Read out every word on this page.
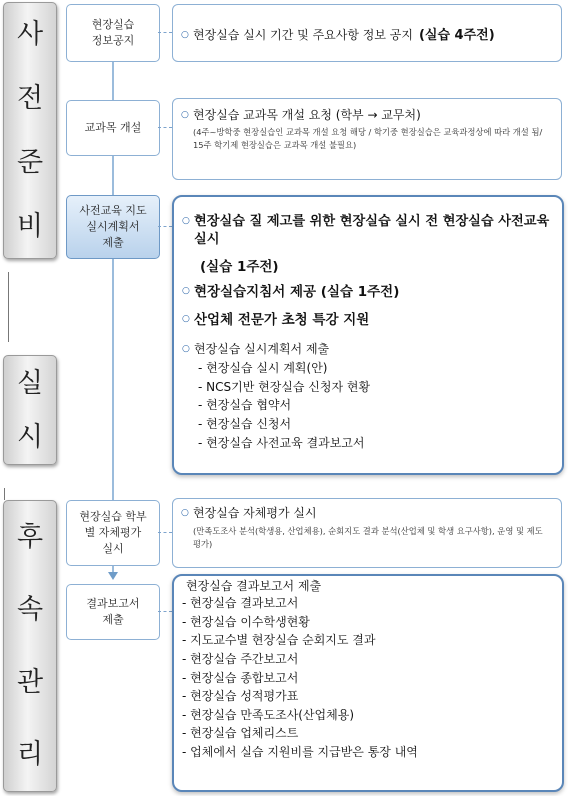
사
전
준
비
실
시
후
속
관
리
현장실습
정보공지
교과목 개설
사전교육 지도
실시계획서
제출
현장실습 학부
별 자체평가
실시
결과보고서
제출
○ 현장실습 실시 기간 및 주요사항 정보 공지 (실습 4주전)
○ 현장실습 교과목 개설 요청 (학부 → 교무처)
(4주~방학중 현장실습인 교과목 개설 요청 해당 / 학기중 현장실습은 교육과정상에 따라 개설 됨/
15주 학기제 현장실습은 교과목 개설 불필요)
○ 현장실습 질 제고를 위한 현장실습 실시 전 현장실습 사전교육 실시
(실습 1주전)
○ 현장실습지침서 제공 (실습 1주전)
○ 산업체 전문가 초청 특강 지원
○ 현장실습 실시계획서 제출
- 현장실습 실시 계획(안)
- NCS기반 현장실습 신청자 현황
- 현장실습 협약서
- 현장실습 신청서
- 현장실습 사전교육 결과보고서
○ 현장실습 자체평가 실시
(만족도조사 분석(학생용, 산업체용), 순회지도 결과 분석(산업체 및 학생 요구사항), 운영 및 제도
평가)
현장실습 결과보고서 제출
- 현장실습 결과보고서
- 현장실습 이수학생현황
- 지도교수별 현장실습 순회지도 결과
- 현장실습 주간보고서
- 현장실습 종합보고서
- 현장실습 성적평가표
- 현장실습 만족도조사(산업체용)
- 현장실습 업체리스트
- 업체에서 실습 지원비를 지급받은 통장 내역
